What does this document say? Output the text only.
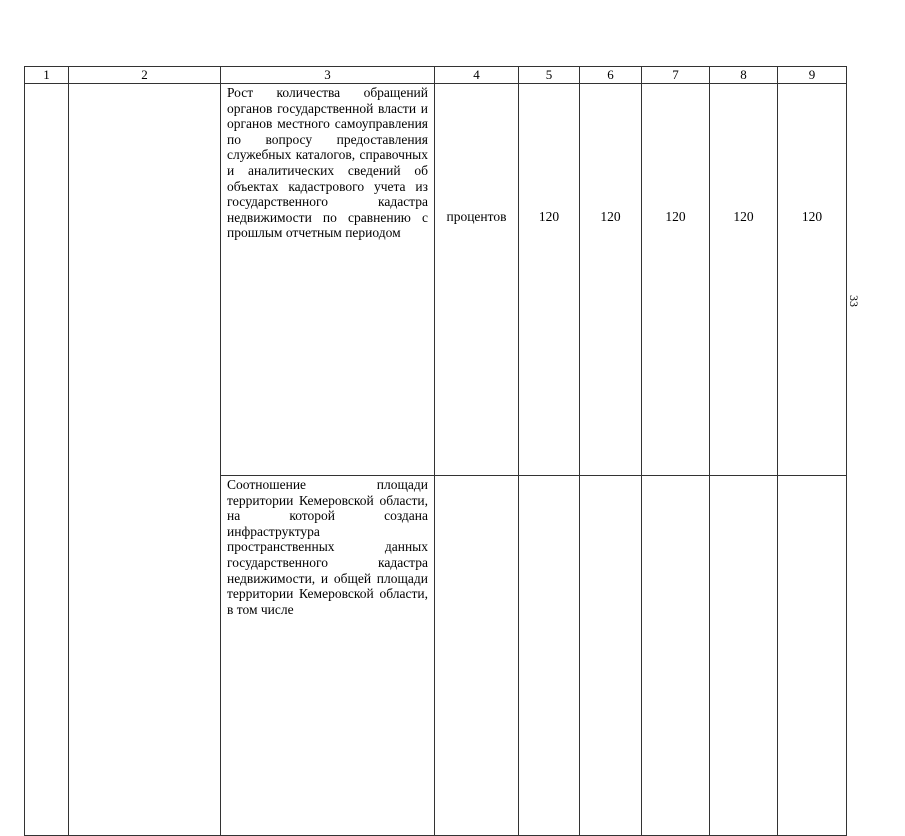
1	2	3	4	5	6	7	8	9

		Рост количества обращений органов государственной власти и органов местного самоуправления по вопросу предоставления служебных каталогов, справочных и аналитических сведений об объектах кадастрового учета из государственного кадастра недвижимости по сравнению с прошлым отчетным периодом	процентов	120	120	120	120	120

		Соотношение площади территории Кемеровской области, на которой создана инфраструктура пространственных данных государственного кадастра недвижимости, и общей площади территории Кемеровской области, в том числе						

33
